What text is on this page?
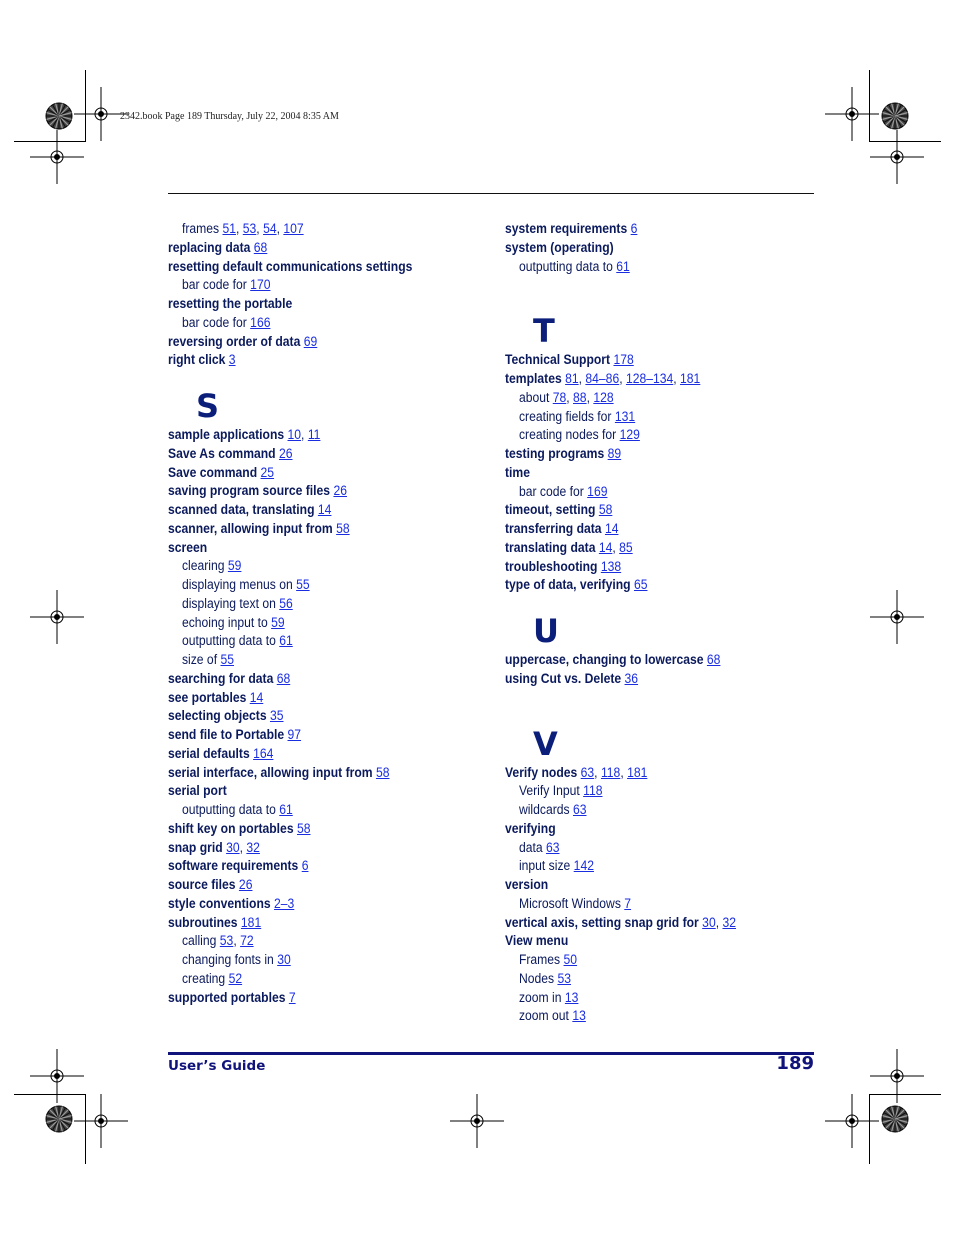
2342.book Page 189 Thursday, July 22, 2004 8:35 AM
frames 51, 53, 54, 107
replacing data 68
resetting default communications settings
bar code for 170
resetting the portable
bar code for 166
reversing order of data 69
right click 3
S
sample applications 10, 11
Save As command 26
Save command 25
saving program source files 26
scanned data, translating 14
scanner, allowing input from 58
screen
clearing 59
displaying menus on 55
displaying text on 56
echoing input to 59
outputting data to 61
size of 55
searching for data 68
see portables 14
selecting objects 35
send file to Portable 97
serial defaults 164
serial interface, allowing input from 58
serial port
outputting data to 61
shift key on portables 58
snap grid 30, 32
software requirements 6
source files 26
style conventions 2–3
subroutines 181
calling 53, 72
changing fonts in 30
creating 52
supported portables 7
system requirements 6
system (operating)
outputting data to 61
T
Technical Support 178
templates 81, 84–86, 128–134, 181
about 78, 88, 128
creating fields for 131
creating nodes for 129
testing programs 89
time
bar code for 169
timeout, setting 58
transferring data 14
translating data 14, 85
troubleshooting 138
type of data, verifying 65
U
uppercase, changing to lowercase 68
using Cut vs. Delete 36
V
Verify nodes 63, 118, 181
Verify Input 118
wildcards 63
verifying
data 63
input size 142
version
Microsoft Windows 7
vertical axis, setting snap grid for 30, 32
View menu
Frames 50
Nodes 53
zoom in 13
zoom out 13
User’s Guide	189
